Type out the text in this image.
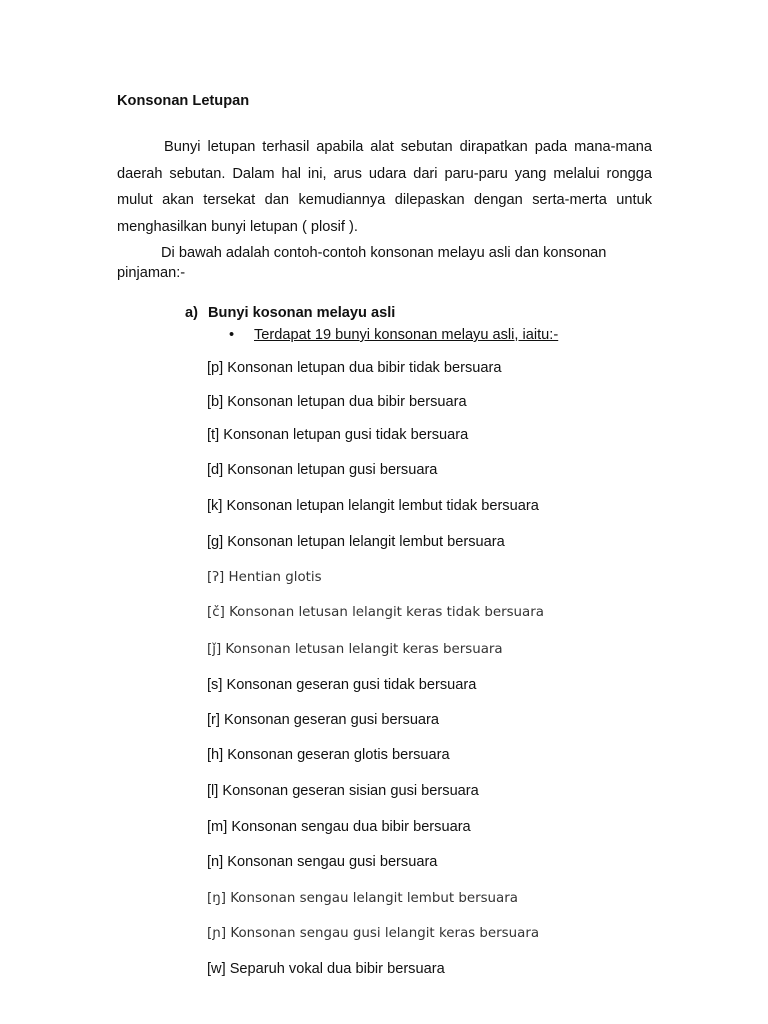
Konsonan Letupan

Bunyi letupan terhasil apabila alat sebutan dirapatkan pada mana-mana daerah sebutan. Dalam hal ini, arus udara dari paru-paru yang melalui rongga mulut akan tersekat dan kemudiannya dilepaskan dengan serta-merta untuk menghasilkan bunyi letupan ( plosif ).

Di bawah adalah contoh-contoh konsonan melayu asli dan konsonan pinjaman:-

a) Bunyi kosonan melayu asli
• Terdapat 19 bunyi konsonan melayu asli, iaitu:-
[p] Konsonan letupan dua bibir tidak bersuara
[b] Konsonan letupan dua bibir bersuara
[t] Konsonan letupan gusi tidak bersuara
[d] Konsonan letupan gusi bersuara
[k] Konsonan letupan lelangit lembut tidak bersuara
[g] Konsonan letupan lelangit lembut bersuara
[ʔ] Hentian glotis
[č] Konsonan letusan lelangit keras tidak bersuara
[ǰ] Konsonan letusan lelangit keras bersuara
[s] Konsonan geseran gusi tidak bersuara
[r] Konsonan geseran gusi bersuara
[h] Konsonan geseran glotis bersuara
[l] Konsonan geseran sisian gusi bersuara
[m] Konsonan sengau dua bibir bersuara
[n] Konsonan sengau gusi bersuara
[ŋ] Konsonan sengau lelangit lembut bersuara
[ɲ] Konsonan sengau gusi lelangit keras bersuara
[w] Separuh vokal dua bibir bersuara
